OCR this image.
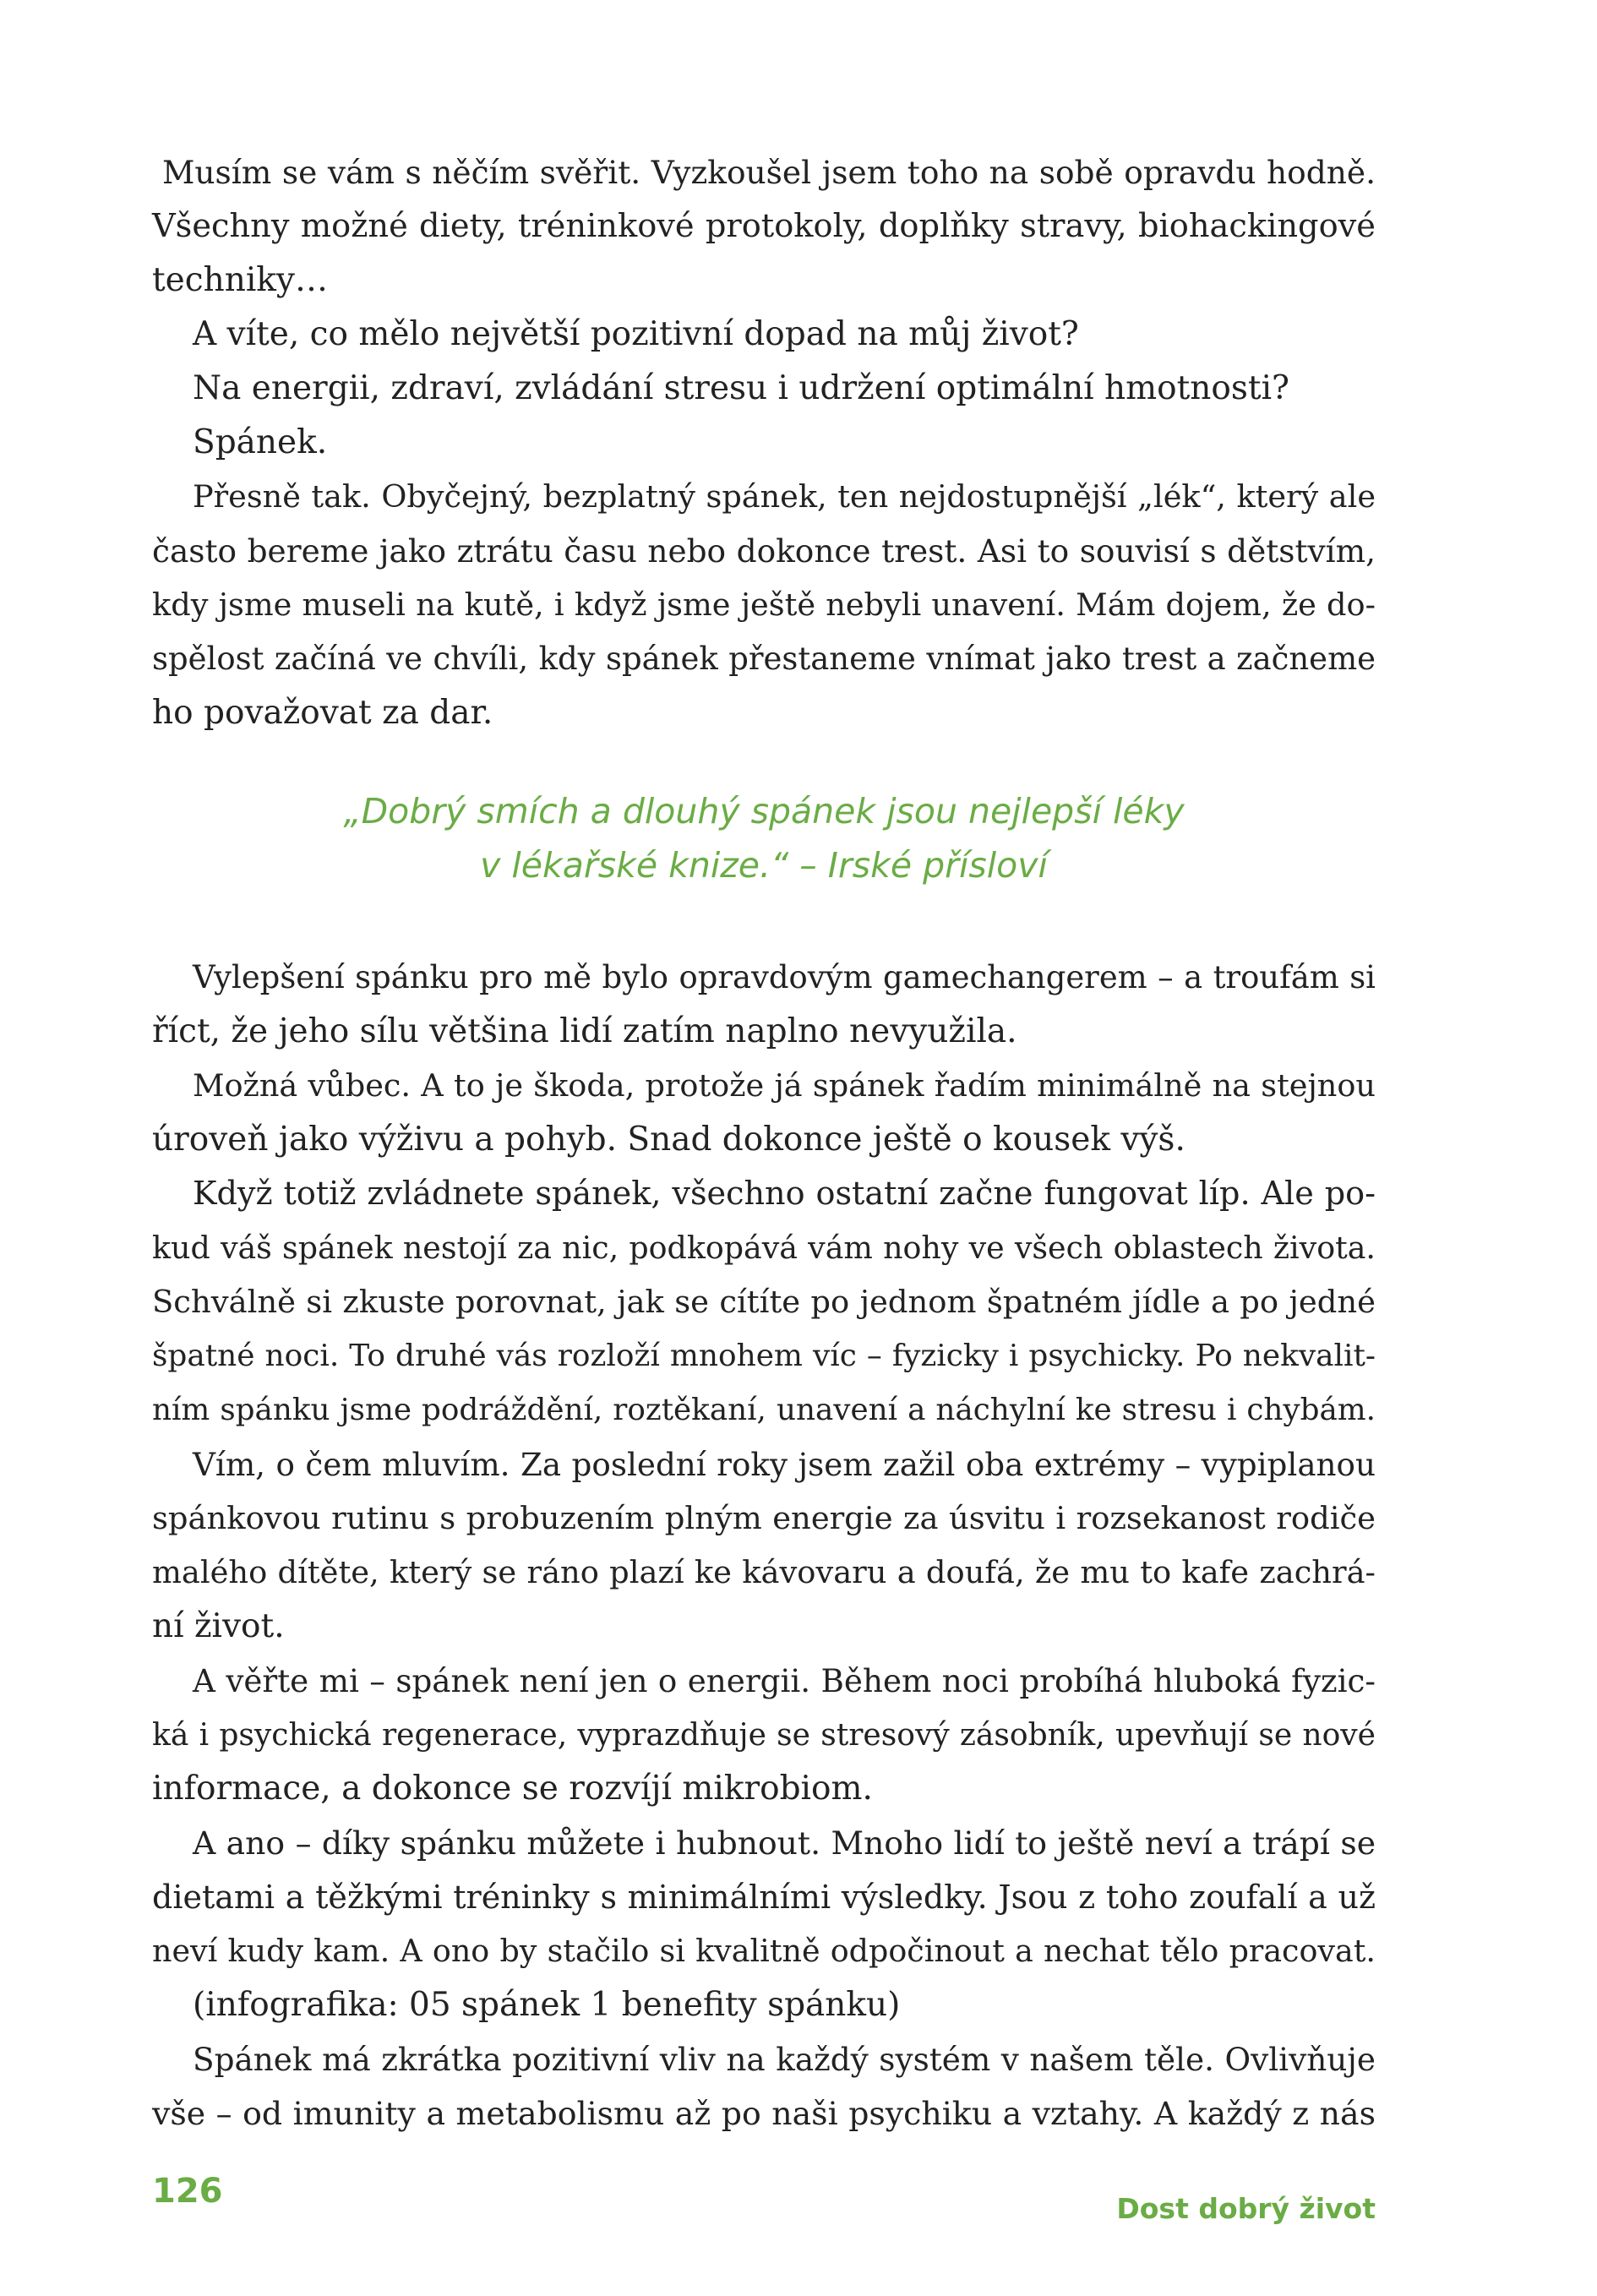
Musím se vám s něčím svěřit. Vyzkoušel jsem toho na sobě opravdu hodně.
Všechny možné diety, tréninkové protokoly, doplňky stravy, biohackingové
techniky…
A víte, co mělo největší pozitivní dopad na můj život?
Na energii, zdraví, zvládání stresu i udržení optimální hmotnosti?
Spánek.
Přesně tak. Obyčejný, bezplatný spánek, ten nejdostupnější „lék“, který ale
často bereme jako ztrátu času nebo dokonce trest. Asi to souvisí s dětstvím,
kdy jsme museli na kutě, i když jsme ještě nebyli unavení. Mám dojem, že do-
spělost začíná ve chvíli, kdy spánek přestaneme vnímat jako trest a začneme
ho považovat za dar.
„Dobrý smích a dlouhý spánek jsou nejlepší léky
v lékařské knize.“ – Irské přísloví
Vylepšení spánku pro mě bylo opravdovým gamechangerem – a troufám si
říct, že jeho sílu většina lidí zatím naplno nevyužila.
Možná vůbec. A to je škoda, protože já spánek řadím minimálně na stejnou
úroveň jako výživu a pohyb. Snad dokonce ještě o kousek výš.
Když totiž zvládnete spánek, všechno ostatní začne fungovat líp. Ale po-
kud váš spánek nestojí za nic, podkopává vám nohy ve všech oblastech života.
Schválně si zkuste porovnat, jak se cítíte po jednom špatném jídle a po jedné
špatné noci. To druhé vás rozloží mnohem víc – fyzicky i psychicky. Po nekvalit-
ním spánku jsme podráždění, roztěkaní, unavení a náchylní ke stresu i chybám.
Vím, o čem mluvím. Za poslední roky jsem zažil oba extrémy – vypiplanou
spánkovou rutinu s probuzením plným energie za úsvitu i rozsekanost rodiče
malého dítěte, který se ráno plazí ke kávovaru a doufá, že mu to kafe zachrá-
ní život.
A věřte mi – spánek není jen o energii. Během noci probíhá hluboká fyzic-
ká i psychická regenerace, vyprazdňuje se stresový zásobník, upevňují se nové
informace, a dokonce se rozvíjí mikrobiom.
A ano – díky spánku můžete i hubnout. Mnoho lidí to ještě neví a trápí se
dietami a těžkými tréninky s minimálními výsledky. Jsou z toho zoufalí a už
neví kudy kam. A ono by stačilo si kvalitně odpočinout a nechat tělo pracovat.
(infografika: 05 spánek 1 benefity spánku)
Spánek má zkrátka pozitivní vliv na každý systém v našem těle. Ovlivňuje
vše – od imunity a metabolismu až po naši psychiku a vztahy. A každý z nás
126	Dost dobrý život
